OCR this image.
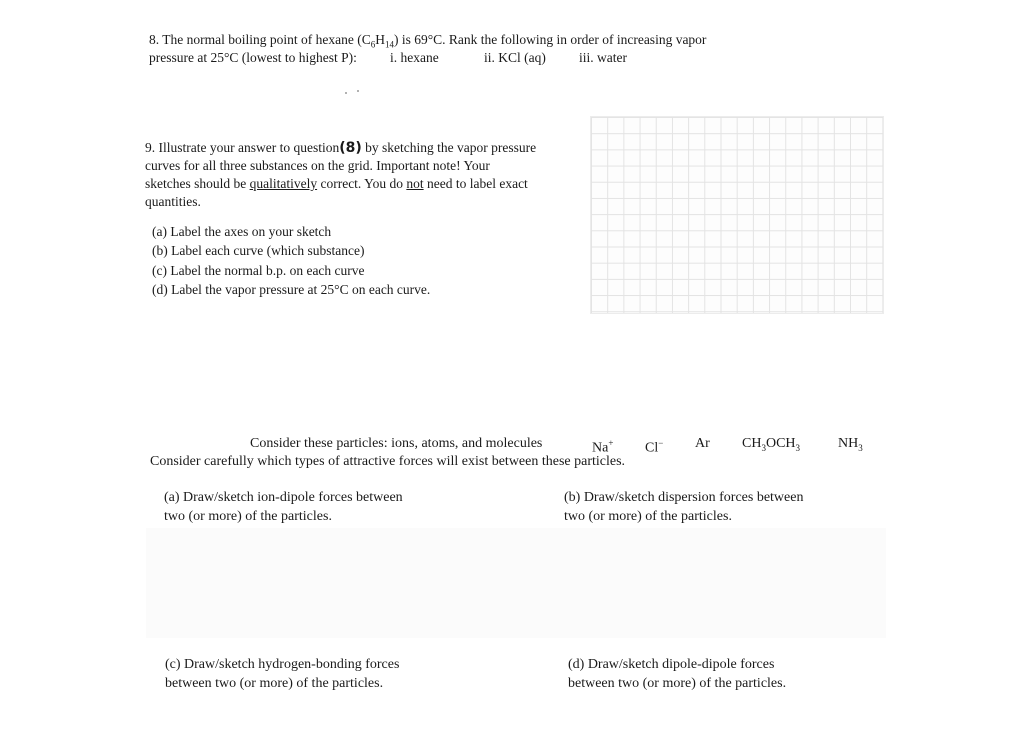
8. The normal boiling point of hexane $(C_6H_{14})$ is 69°C. Rank the following in order of increasing vapor
pressure at 25°C (lowest to highest P): i. hexane	ii. KCl (aq) iii. water
9. Illustrate your answer to question(8) by sketching the vapor pressure
curves for all three substances on the grid. Important note! Your
sketches should be qualitatively correct. You do not need to label exact
quantities.
(a) Label the axes on your sketch
(b) Label each curve (which substance)
(c) Label the normal b.p. on each curve
(d) Label the vapor pressure at 25°C on each curve.
Consider these particles: ions, atoms, and molecules	Na+ Cl− Ar $CH_3OCH_3$	$NH_3$
Consider carefully which types of attractive forces will exist between these particles.
(a) Draw/sketch ion-dipole forces between
two (or more) of the particles.
(b) Draw/sketch dispersion forces between
two (or more) of the particles.
(c) Draw/sketch hydrogen-bonding forces
between two (or more) of the particles.
(d) Draw/sketch dipole-dipole forces
between two (or more) of the particles.
